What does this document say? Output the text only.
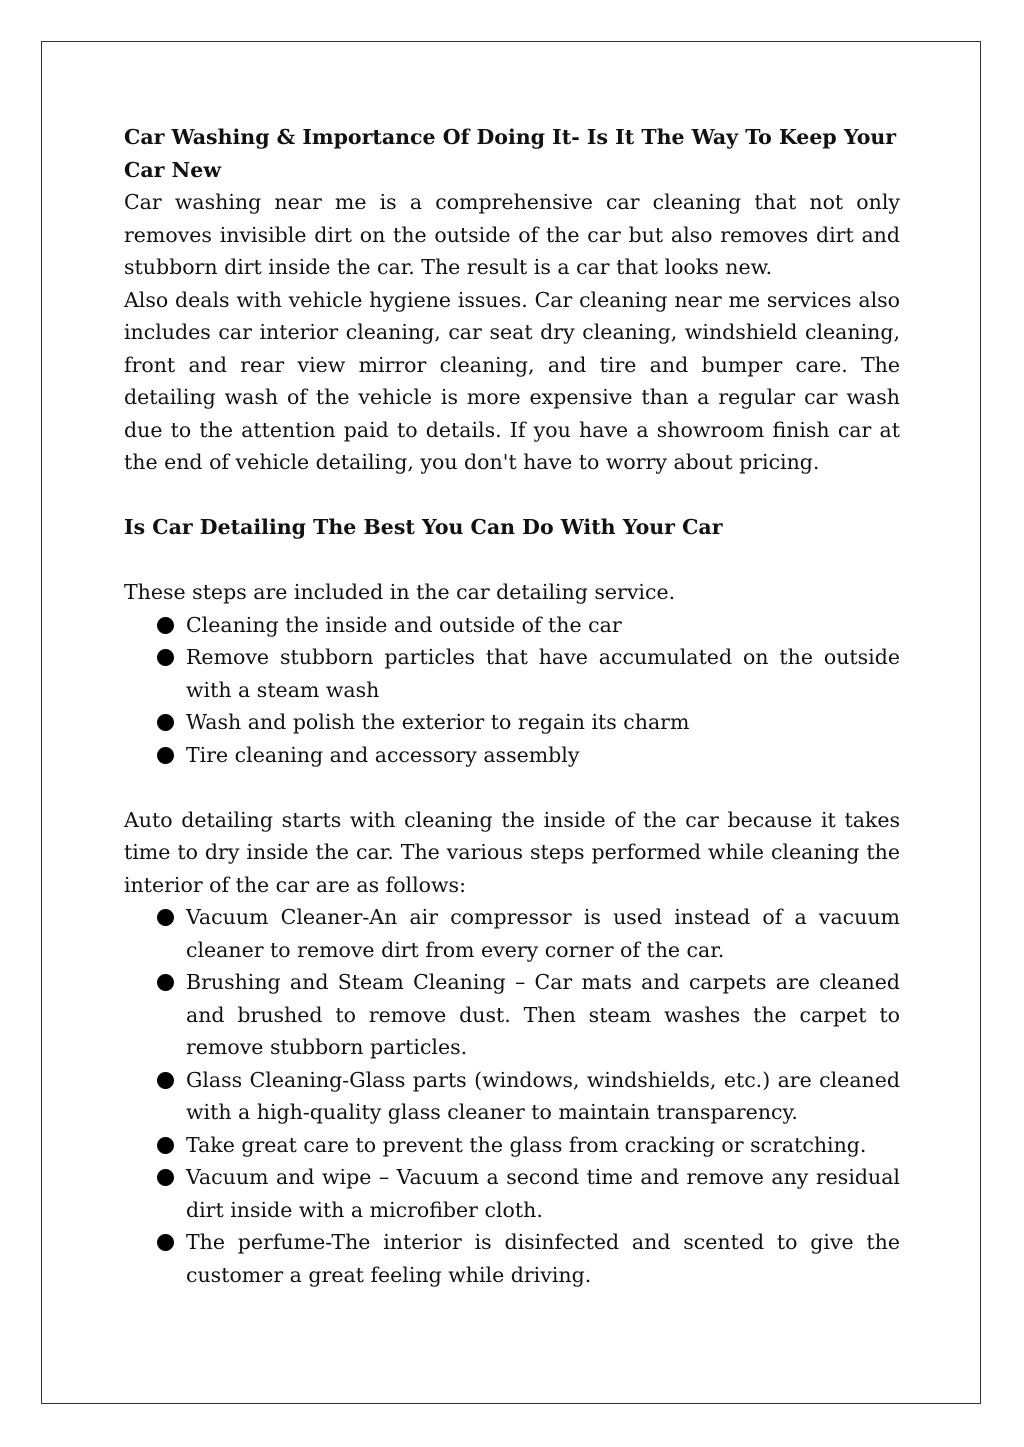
Car Washing & Importance Of Doing It- Is It The Way To Keep Your Car New

Car washing near me is a comprehensive car cleaning that not only removes invisible dirt on the outside of the car but also removes dirt and stubborn dirt inside the car. The result is a car that looks new.

Also deals with vehicle hygiene issues. Car cleaning near me services also includes car interior cleaning, car seat dry cleaning, windshield cleaning, front and rear view mirror cleaning, and tire and bumper care. The detailing wash of the vehicle is more expensive than a regular car wash due to the attention paid to details. If you have a showroom finish car at the end of vehicle detailing, you don't have to worry about pricing.

Is Car Detailing The Best You Can Do With Your Car

These steps are included in the car detailing service.

Cleaning the inside and outside of the car
Remove stubborn particles that have accumulated on the outside with a steam wash
Wash and polish the exterior to regain its charm
Tire cleaning and accessory assembly

Auto detailing starts with cleaning the inside of the car because it takes time to dry inside the car. The various steps performed while cleaning the interior of the car are as follows:

Vacuum Cleaner-An air compressor is used instead of a vacuum cleaner to remove dirt from every corner of the car.
Brushing and Steam Cleaning – Car mats and carpets are cleaned and brushed to remove dust. Then steam washes the carpet to remove stubborn particles.
Glass Cleaning-Glass parts (windows, windshields, etc.) are cleaned with a high-quality glass cleaner to maintain transparency.
Take great care to prevent the glass from cracking or scratching.
Vacuum and wipe – Vacuum a second time and remove any residual dirt inside with a microfiber cloth.
The perfume-The interior is disinfected and scented to give the customer a great feeling while driving.
